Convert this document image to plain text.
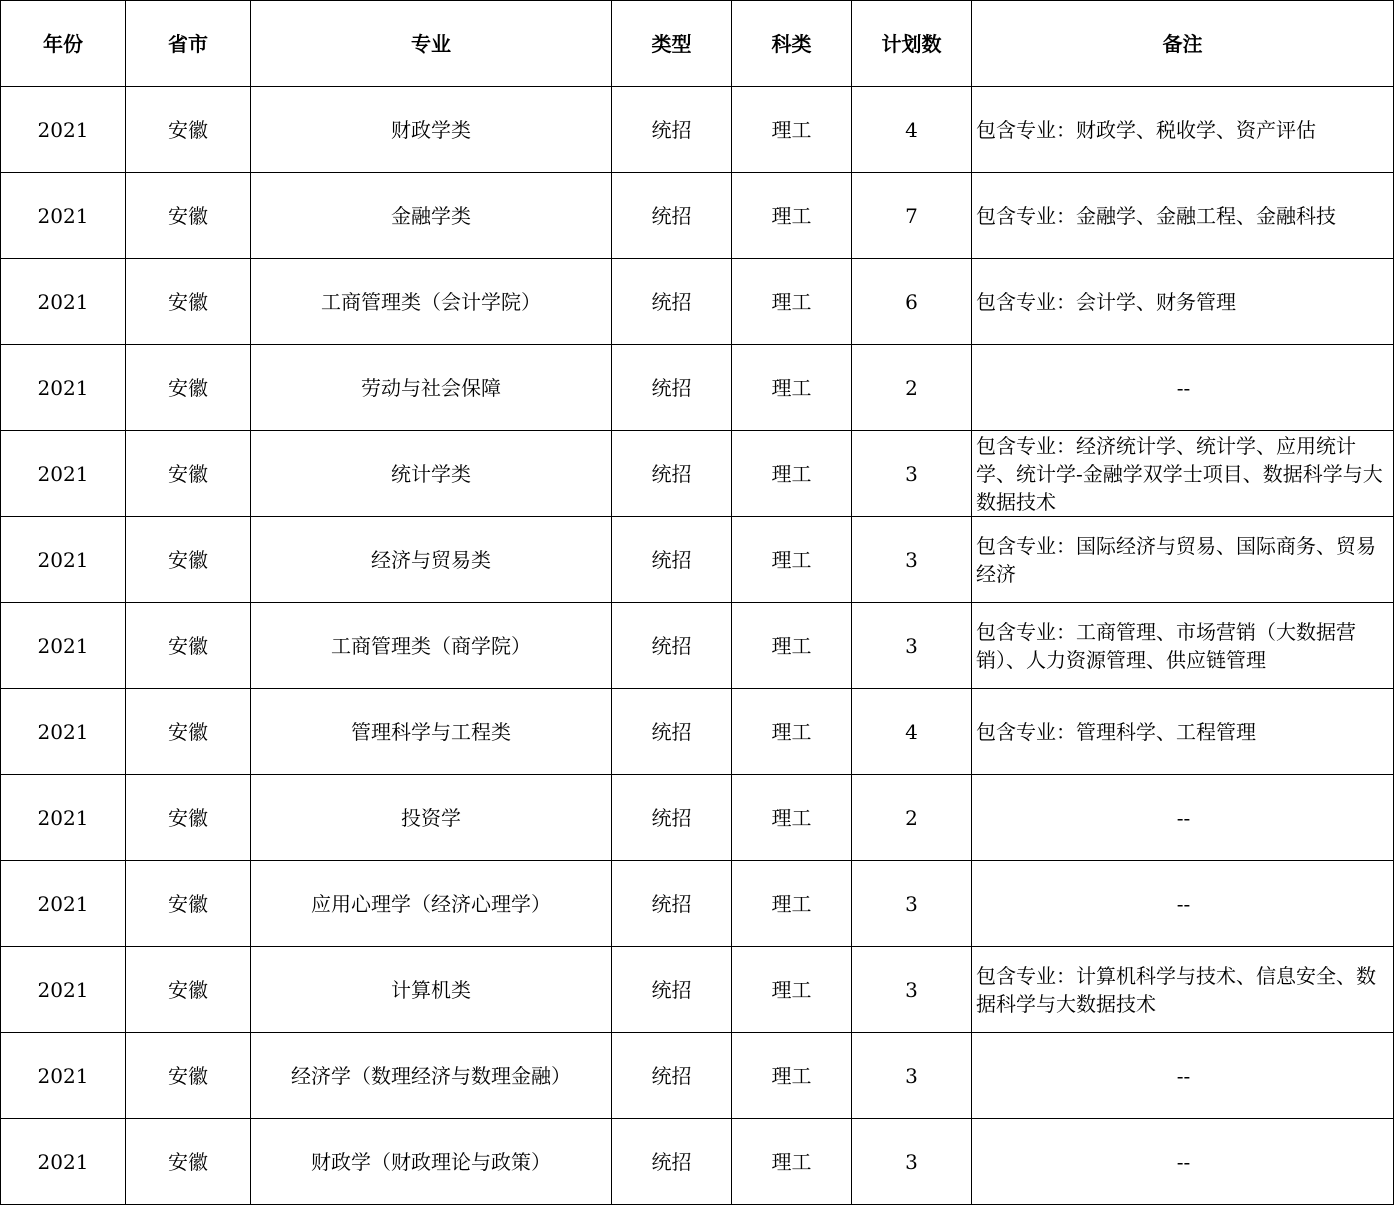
年份	省市	专业	类型	科类	计划数	备注
2021	安徽	财政学类	统招	理工	4	包含专业：财政学、税收学、资产评估
2021	安徽	金融学类	统招	理工	7	包含专业：金融学、金融工程、金融科技
2021	安徽	工商管理类（会计学院）	统招	理工	6	包含专业：会计学、财务管理
2021	安徽	劳动与社会保障	统招	理工	2	--
2021	安徽	统计学类	统招	理工	3	包含专业：经济统计学、统计学、应用统计学、统计学-金融学双学士项目、数据科学与大数据技术
2021	安徽	经济与贸易类	统招	理工	3	包含专业：国际经济与贸易、国际商务、贸易经济
2021	安徽	工商管理类（商学院）	统招	理工	3	包含专业：工商管理、市场营销（大数据营销）、人力资源管理、供应链管理
2021	安徽	管理科学与工程类	统招	理工	4	包含专业：管理科学、工程管理
2021	安徽	投资学	统招	理工	2	--
2021	安徽	应用心理学（经济心理学）	统招	理工	3	--
2021	安徽	计算机类	统招	理工	3	包含专业：计算机科学与技术、信息安全、数据科学与大数据技术
2021	安徽	经济学（数理经济与数理金融）	统招	理工	3	--
2021	安徽	财政学（财政理论与政策）	统招	理工	3	--
